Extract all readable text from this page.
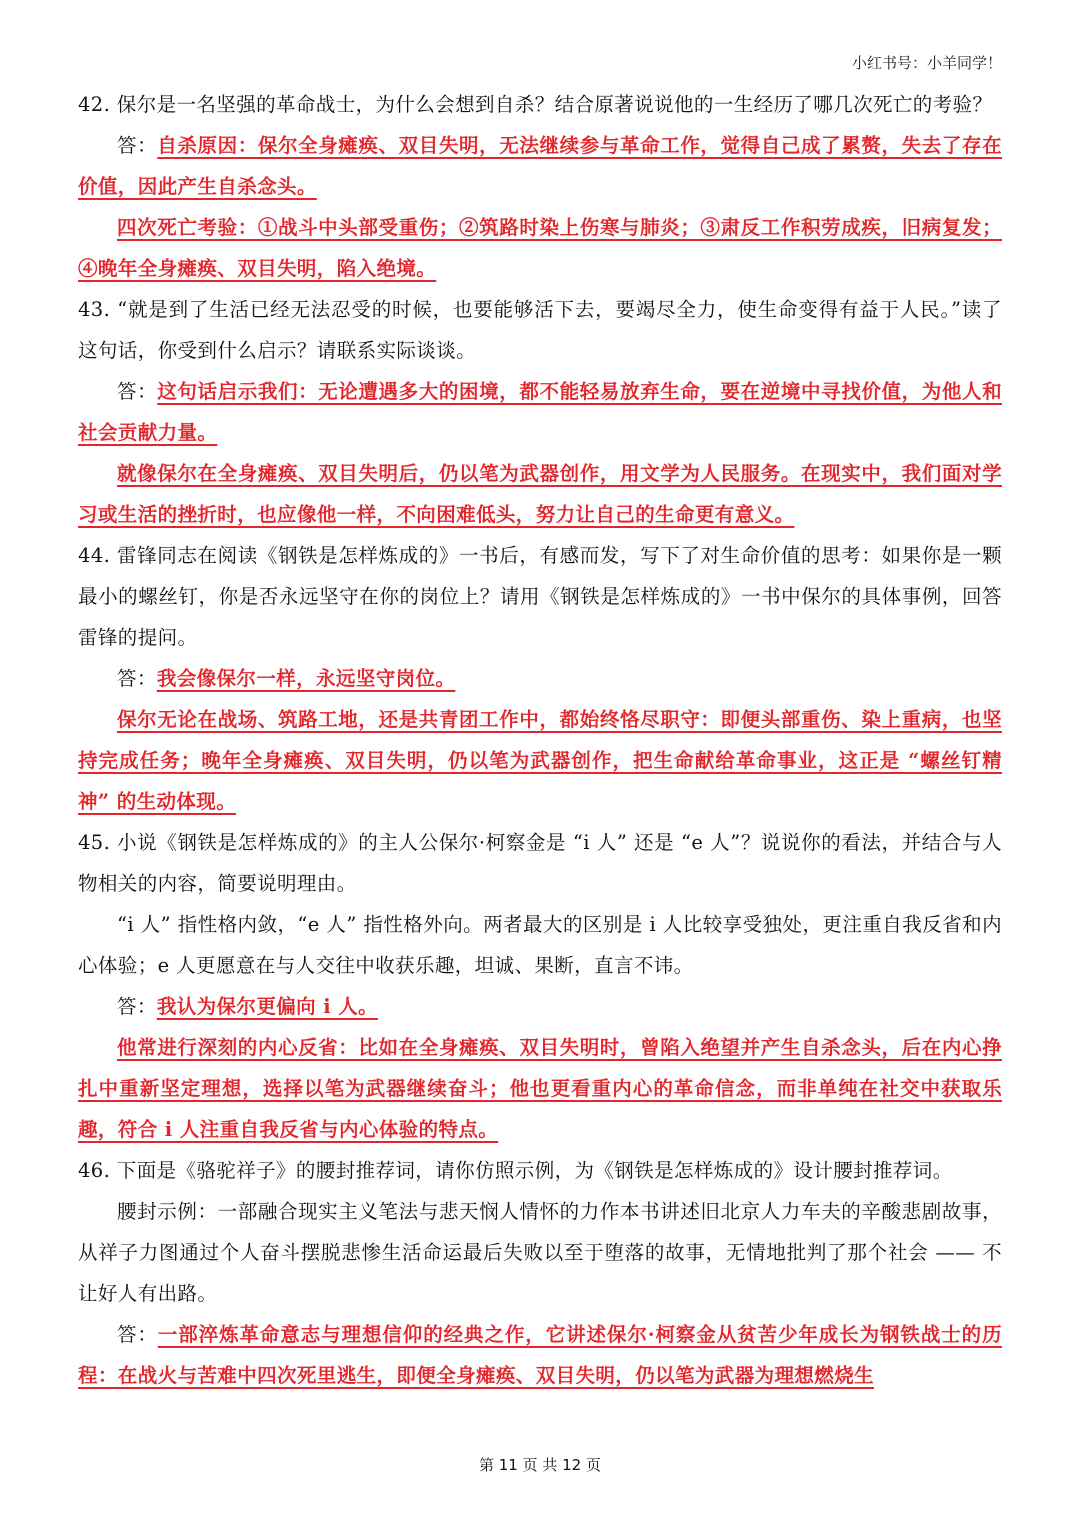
小红书号：小羊同学！

42. 保尔是一名坚强的革命战士，为什么会想到自杀？结合原著说说他的一生经历了哪几次死亡的考验？

答：自杀原因：保尔全身瘫痪、双目失明，无法继续参与革命工作，觉得自己成了累赘，失去了存在价值，因此产生自杀念头。

四次死亡考验：①战斗中头部受重伤；②筑路时染上伤寒与肺炎；③肃反工作积劳成疾，旧病复发；④晚年全身瘫痪、双目失明，陷入绝境。

43. “就是到了生活已经无法忍受的时候，也要能够活下去，要竭尽全力，使生命变得有益于人民。”读了这句话，你受到什么启示？请联系实际谈谈。

答：这句话启示我们：无论遭遇多大的困境，都不能轻易放弃生命，要在逆境中寻找价值，为他人和社会贡献力量。

就像保尔在全身瘫痪、双目失明后，仍以笔为武器创作，用文学为人民服务。在现实中，我们面对学习或生活的挫折时，也应像他一样，不向困难低头，努力让自己的生命更有意义。

44. 雷锋同志在阅读《钢铁是怎样炼成的》一书后，有感而发，写下了对生命价值的思考：如果你是一颗最小的螺丝钉，你是否永远坚守在你的岗位上？请用《钢铁是怎样炼成的》一书中保尔的具体事例，回答雷锋的提问。

答：我会像保尔一样，永远坚守岗位。

保尔无论在战场、筑路工地，还是共青团工作中，都始终恪尽职守：即便头部重伤、染上重病，也坚持完成任务；晚年全身瘫痪、双目失明，仍以笔为武器创作，把生命献给革命事业，这正是 “螺丝钉精神” 的生动体现。

45. 小说《钢铁是怎样炼成的》的主人公保尔·柯察金是 “i 人” 还是 “e 人”？说说你的看法，并结合与人物相关的内容，简要说明理由。

“i 人” 指性格内敛，“e 人” 指性格外向。两者最大的区别是 i 人比较享受独处，更注重自我反省和内心体验；e 人更愿意在与人交往中收获乐趣，坦诚、果断，直言不讳。

答：我认为保尔更偏向 i 人。

他常进行深刻的内心反省：比如在全身瘫痪、双目失明时，曾陷入绝望并产生自杀念头，后在内心挣扎中重新坚定理想，选择以笔为武器继续奋斗；他也更看重内心的革命信念，而非单纯在社交中获取乐趣，符合 i 人注重自我反省与内心体验的特点。

46. 下面是《骆驼祥子》的腰封推荐词，请你仿照示例，为《钢铁是怎样炼成的》设计腰封推荐词。

腰封示例：一部融合现实主义笔法与悲天悯人情怀的力作本书讲述旧北京人力车夫的辛酸悲剧故事，从祥子力图通过个人奋斗摆脱悲惨生活命运最后失败以至于堕落的故事，无情地批判了那个社会 —— 不让好人有出路。

答：一部淬炼革命意志与理想信仰的经典之作，它讲述保尔·柯察金从贫苦少年成长为钢铁战士的历程：在战火与苦难中四次死里逃生，即便全身瘫痪、双目失明，仍以笔为武器为理想燃烧生

第 11 页 共 12 页
